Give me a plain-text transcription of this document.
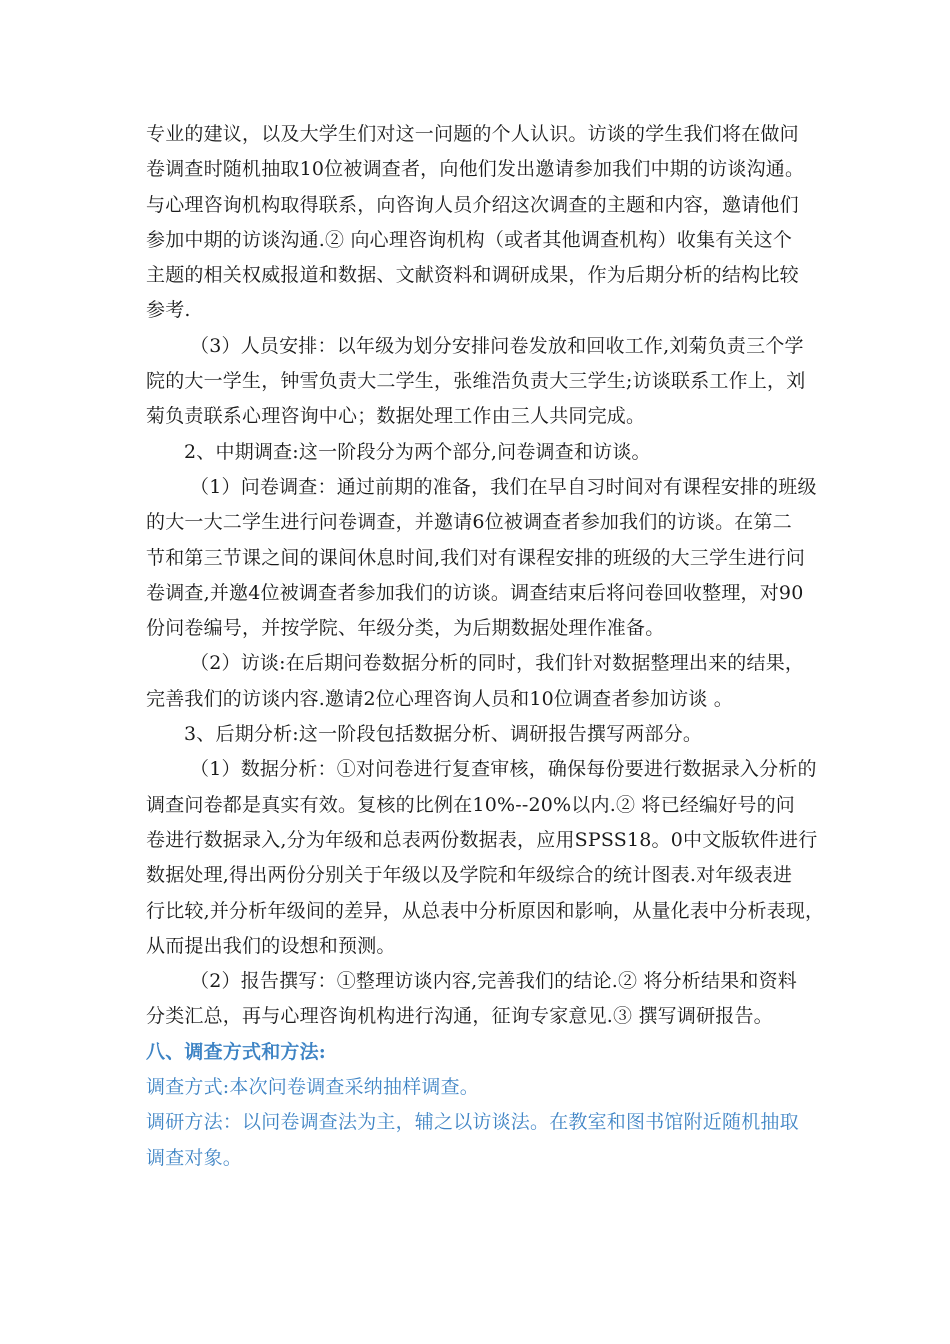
专业的建议，以及大学生们对这一问题的个人认识。访谈的学生我们将在做问
卷调查时随机抽取10位被调查者，向他们发出邀请参加我们中期的访谈沟通。
与心理咨询机构取得联系，向咨询人员介绍这次调查的主题和内容，邀请他们
参加中期的访谈沟通.② 向心理咨询机构（或者其他调查机构）收集有关这个
主题的相关权威报道和数据、文献资料和调研成果，作为后期分析的结构比较
参考.
（3）人员安排：以年级为划分安排问卷发放和回收工作,刘菊负责三个学
院的大一学生，钟雪负责大二学生，张维浩负责大三学生;访谈联系工作上，刘
菊负责联系心理咨询中心；数据处理工作由三人共同完成。
2、中期调查:这一阶段分为两个部分,问卷调查和访谈。
（1）问卷调查：通过前期的准备，我们在早自习时间对有课程安排的班级
的大一大二学生进行问卷调查，并邀请6位被调查者参加我们的访谈。在第二
节和第三节课之间的课间休息时间,我们对有课程安排的班级的大三学生进行问
卷调查,并邀4位被调查者参加我们的访谈。调查结束后将问卷回收整理，对90
份问卷编号，并按学院、年级分类，为后期数据处理作准备。
（2）访谈:在后期问卷数据分析的同时，我们针对数据整理出来的结果，
完善我们的访谈内容.邀请2位心理咨询人员和10位调查者参加访谈 。
3、后期分析:这一阶段包括数据分析、调研报告撰写两部分。
（1）数据分析：①对问卷进行复查审核，确保每份要进行数据录入分析的
调查问卷都是真实有效。复核的比例在10%--20%以内.② 将已经编好号的问
卷进行数据录入,分为年级和总表两份数据表，应用SPSS18。0中文版软件进行
数据处理,得出两份分别关于年级以及学院和年级综合的统计图表.对年级表进
行比较,并分析年级间的差异，从总表中分析原因和影响，从量化表中分析表现，
从而提出我们的设想和预测。
（2）报告撰写：①整理访谈内容,完善我们的结论.② 将分析结果和资料
分类汇总，再与心理咨询机构进行沟通，征询专家意见.③ 撰写调研报告。
八、调查方式和方法:
调查方式:本次问卷调查采纳抽样调查。
调研方法：以问卷调查法为主，辅之以访谈法。在教室和图书馆附近随机抽取
调查对象。
